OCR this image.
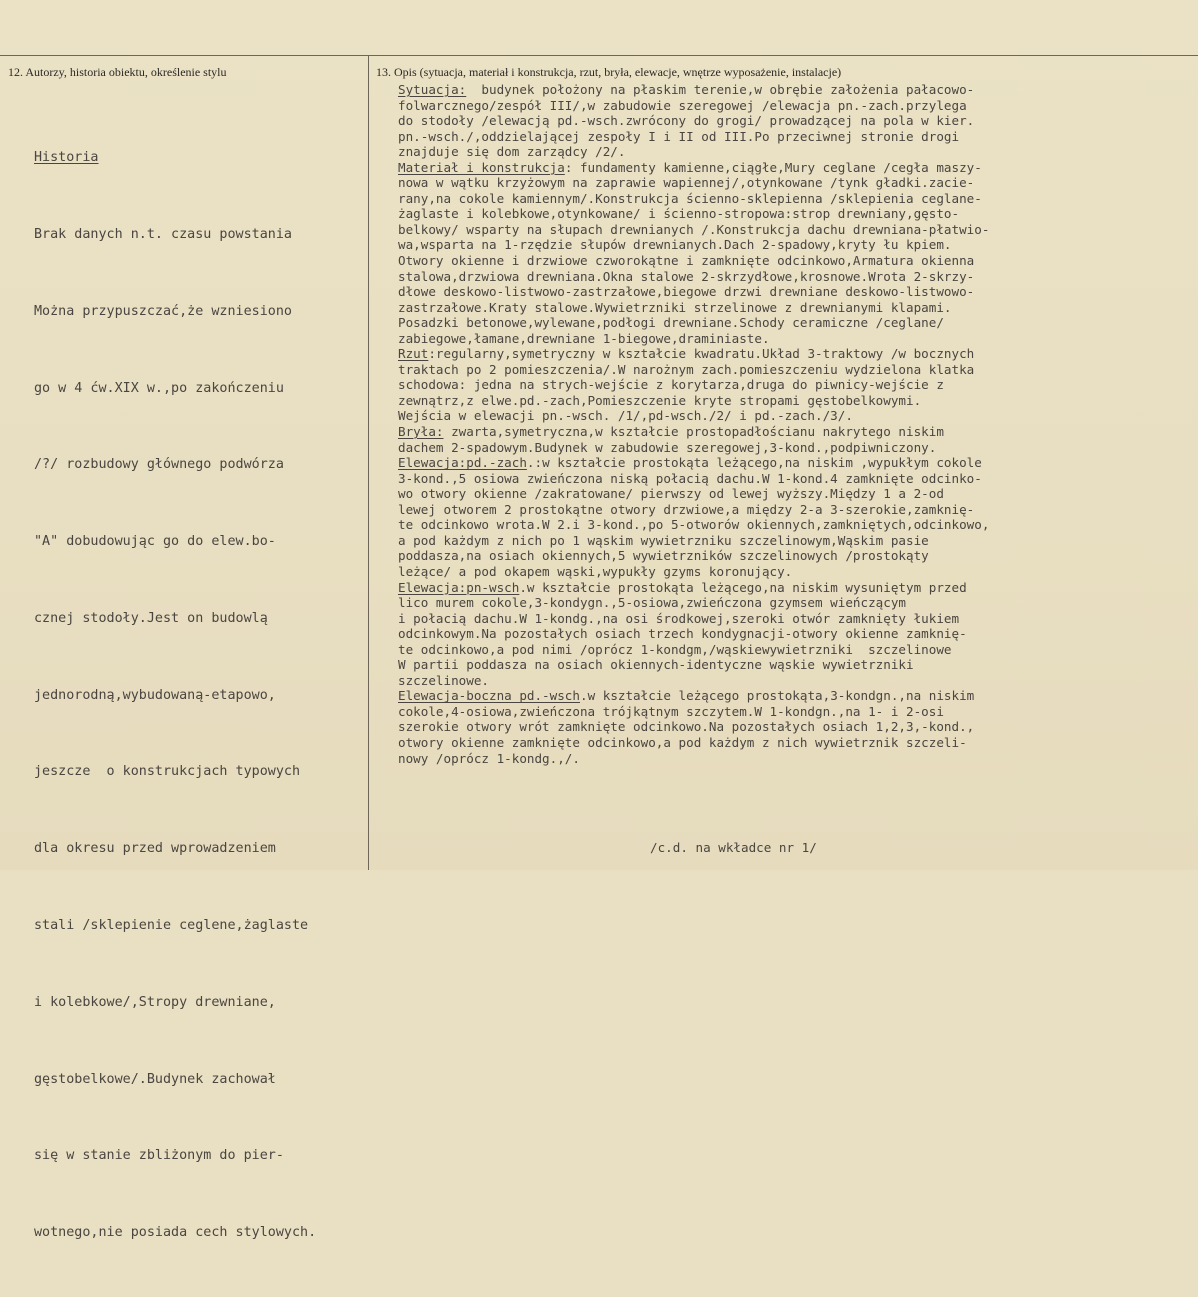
12. Autorzy, historia obiektu, określenie stylu	13. Opis (sytuacja, materiał i konstrukcja, rzut, bryła, elewacje, wnętrze wyposażenie, instalacje)

Historia

Brak danych n.t. czasu powstania

Można przypuszczać,że wzniesiono

go w 4 ćw.XIX w.,po zakończeniu

/?/ rozbudowy głównego podwórza

"A" dobudowując go do elew.bo-

cznej stodoły.Jest on budowlą

jednorodną,wybudowaną-etapowo,

jeszcze  o konstrukcjach typowych

dla okresu przed wprowadzeniem

stali /sklepienie ceglene,żaglaste

i kolebkowe/,Stropy drewniane,

gęstobelkowe/.Budynek zachował

się w stanie zbliżonym do pier-

wotnego,nie posiada cech stylowych.

Sytuacja:  budynek położony na płaskim terenie,w obrębie założenia pałacowo-
folwarcznego/zespół III/,w zabudowie szeregowej /elewacja pn.-zach.przylega
do stodoły /elewacją pd.-wsch.zwrócony do grogi/ prowadzącej na pola w kier.
pn.-wsch./,oddzielającej zespoły I i II od III.Po przeciwnej stronie drogi
znajduje się dom zarządcy /2/.
Materiał i konstrukcja: fundamenty kamienne,ciągłe,Mury ceglane /cegła maszy-
nowa w wątku krzyżowym na zaprawie wapiennej/,otynkowane /tynk gładki.zacie-
rany,na cokole kamiennym/.Konstrukcja ścienno-sklepienna /sklepienia ceglane-
żaglaste i kolebkowe,otynkowane/ i ścienno-stropowa:strop drewniany,gęsto-
belkowy/ wsparty na słupach drewnianych /.Konstrukcja dachu drewniana-płatwio-
wa,wsparta na 1-rzędzie słupów drewnianych.Dach 2-spadowy,kryty łu kpiem.
Otwory okienne i drzwiowe czworokątne i zamknięte odcinkowo,Armatura okienna
stalowa,drzwiowa drewniana.Okna stalowe 2-skrzydłowe,krosnowe.Wrota 2-skrzy-
dłowe deskowo-listwowo-zastrzałowe,biegowe drzwi drewniane deskowo-listwowo-
zastrzałowe.Kraty stalowe.Wywietrzniki strzelinowe z drewnianymi klapami.
Posadzki betonowe,wylewane,podłogi drewniane.Schody ceramiczne /ceglane/
zabiegowe,łamane,drewniane 1-biegowe,draminiaste.
Rzut:regularny,symetryczny w kształcie kwadratu.Układ 3-traktowy /w bocznych
traktach po 2 pomieszczenia/.W narożnym zach.pomieszczeniu wydzielona klatka
schodowa: jedna na strych-wejście z korytarza,druga do piwnicy-wejście z
zewnątrz,z elwe.pd.-zach,Pomieszczenie kryte stropami gęstobelkowymi.
Wejścia w elewacji pn.-wsch. /1/,pd-wsch./2/ i pd.-zach./3/.
Bryła: zwarta,symetryczna,w kształcie prostopadłościanu nakrytego niskim
dachem 2-spadowym.Budynek w zabudowie szeregowej,3-kond.,podpiwniczony.
Elewacja:pd.-zach.:w kształcie prostokąta leżącego,na niskim ,wypukłym cokole
3-kond.,5 osiowa zwieńczona niską połacią dachu.W 1-kond.4 zamknięte odcinko-
wo otwory okienne /zakratowane/ pierwszy od lewej wyższy.Między 1 a 2-od
lewej otworem 2 prostokątne otwory drzwiowe,a między 2-a 3-szerokie,zamknię-
te odcinkowo wrota.W 2.i 3-kond.,po 5-otworów okiennych,zamkniętych,odcinkowo,
a pod każdym z nich po 1 wąskim wywietrzniku szczelinowym,Wąskim pasie
poddasza,na osiach okiennych,5 wywietrzników szczelinowych /prostokąty
leżące/ a pod okapem wąski,wypukły gzyms koronujący.
Elewacja:pn-wsch.w kształcie prostokąta leżącego,na niskim wysuniętym przed
lico murem cokole,3-kondygn.,5-osiowa,zwieńczona gzymsem wieńczącym
i połacią dachu.W 1-kondg.,na osi środkowej,szeroki otwór zamknięty łukiem
odcinkowym.Na pozostałych osiach trzech kondygnacji-otwory okienne zamknię-
te odcinkowo,a pod nimi /oprócz 1-kondgm,/wąskiewywietrzniki  szczelinowe
W partii poddasza na osiach okiennych-identyczne wąskie wywietrzniki
szczelinowe.
Elewacja-boczna pd.-wsch.w kształcie leżącego prostokąta,3-kondgn.,na niskim
cokole,4-osiowa,zwieńczona trójkątnym szczytem.W 1-kondgn.,na 1- i 2-osi
szerokie otwory wrót zamknięte odcinkowo.Na pozostałych osiach 1,2,3,-kond.,
otwory okienne zamknięte odcinkowo,a pod każdym z nich wywietrznik szczeli-
nowy /oprócz 1-kondg.,/.
/c.d. na wkładce nr 1/
